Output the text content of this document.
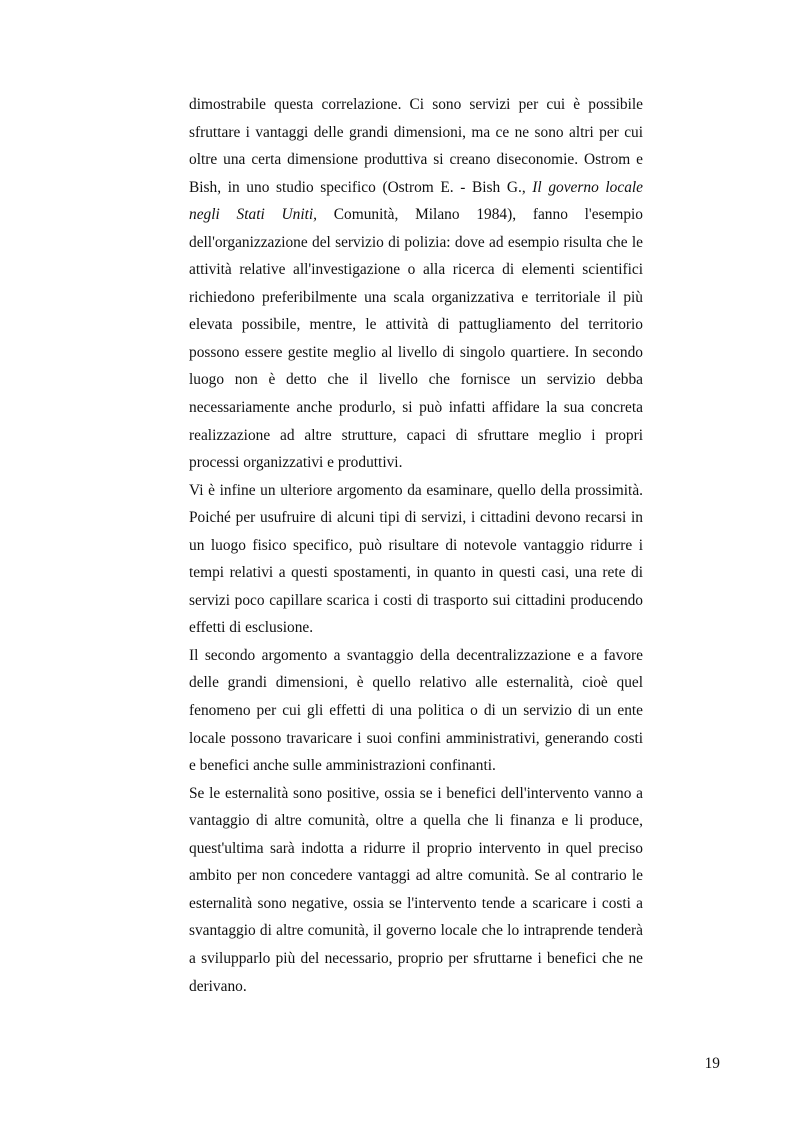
dimostrabile questa correlazione. Ci sono servizi per cui è possibile sfruttare i vantaggi delle grandi dimensioni, ma ce ne sono altri per cui oltre una certa dimensione produttiva si creano diseconomie. Ostrom e Bish, in uno studio specifico (Ostrom E. - Bish G., Il governo locale negli Stati Uniti, Comunità, Milano 1984), fanno l'esempio dell'organizzazione del servizio di polizia: dove ad esempio risulta che le attività relative all'investigazione o alla ricerca di elementi scientifici richiedono preferibilmente una scala organizzativa e territoriale il più elevata possibile, mentre, le attività di pattugliamento del territorio possono essere gestite meglio al livello di singolo quartiere. In secondo luogo non è detto che il livello che fornisce un servizio debba necessariamente anche produrlo, si può infatti affidare la sua concreta realizzazione ad altre strutture, capaci di sfruttare meglio i propri processi organizzativi e produttivi.

Vi è infine un ulteriore argomento da esaminare, quello della prossimità. Poiché per usufruire di alcuni tipi di servizi, i cittadini devono recarsi in un luogo fisico specifico, può risultare di notevole vantaggio ridurre i tempi relativi a questi spostamenti, in quanto in questi casi, una rete di servizi poco capillare scarica i costi di trasporto sui cittadini producendo effetti di esclusione.

Il secondo argomento a svantaggio della decentralizzazione e a favore delle grandi dimensioni, è quello relativo alle esternalità, cioè quel fenomeno per cui gli effetti di una politica o di un servizio di un ente locale possono travaricare i suoi confini amministrativi, generando costi e benefici anche sulle amministrazioni confinanti.

Se le esternalità sono positive, ossia se i benefici dell'intervento vanno a vantaggio di altre comunità, oltre a quella che li finanza e li produce, quest'ultima sarà indotta a ridurre il proprio intervento in quel preciso ambito per non concedere vantaggi ad altre comunità. Se al contrario le esternalità sono negative, ossia se l'intervento tende a scaricare i costi a svantaggio di altre comunità, il governo locale che lo intraprende tenderà a svilupparlo più del necessario, proprio per sfruttarne i benefici che ne derivano.

19
